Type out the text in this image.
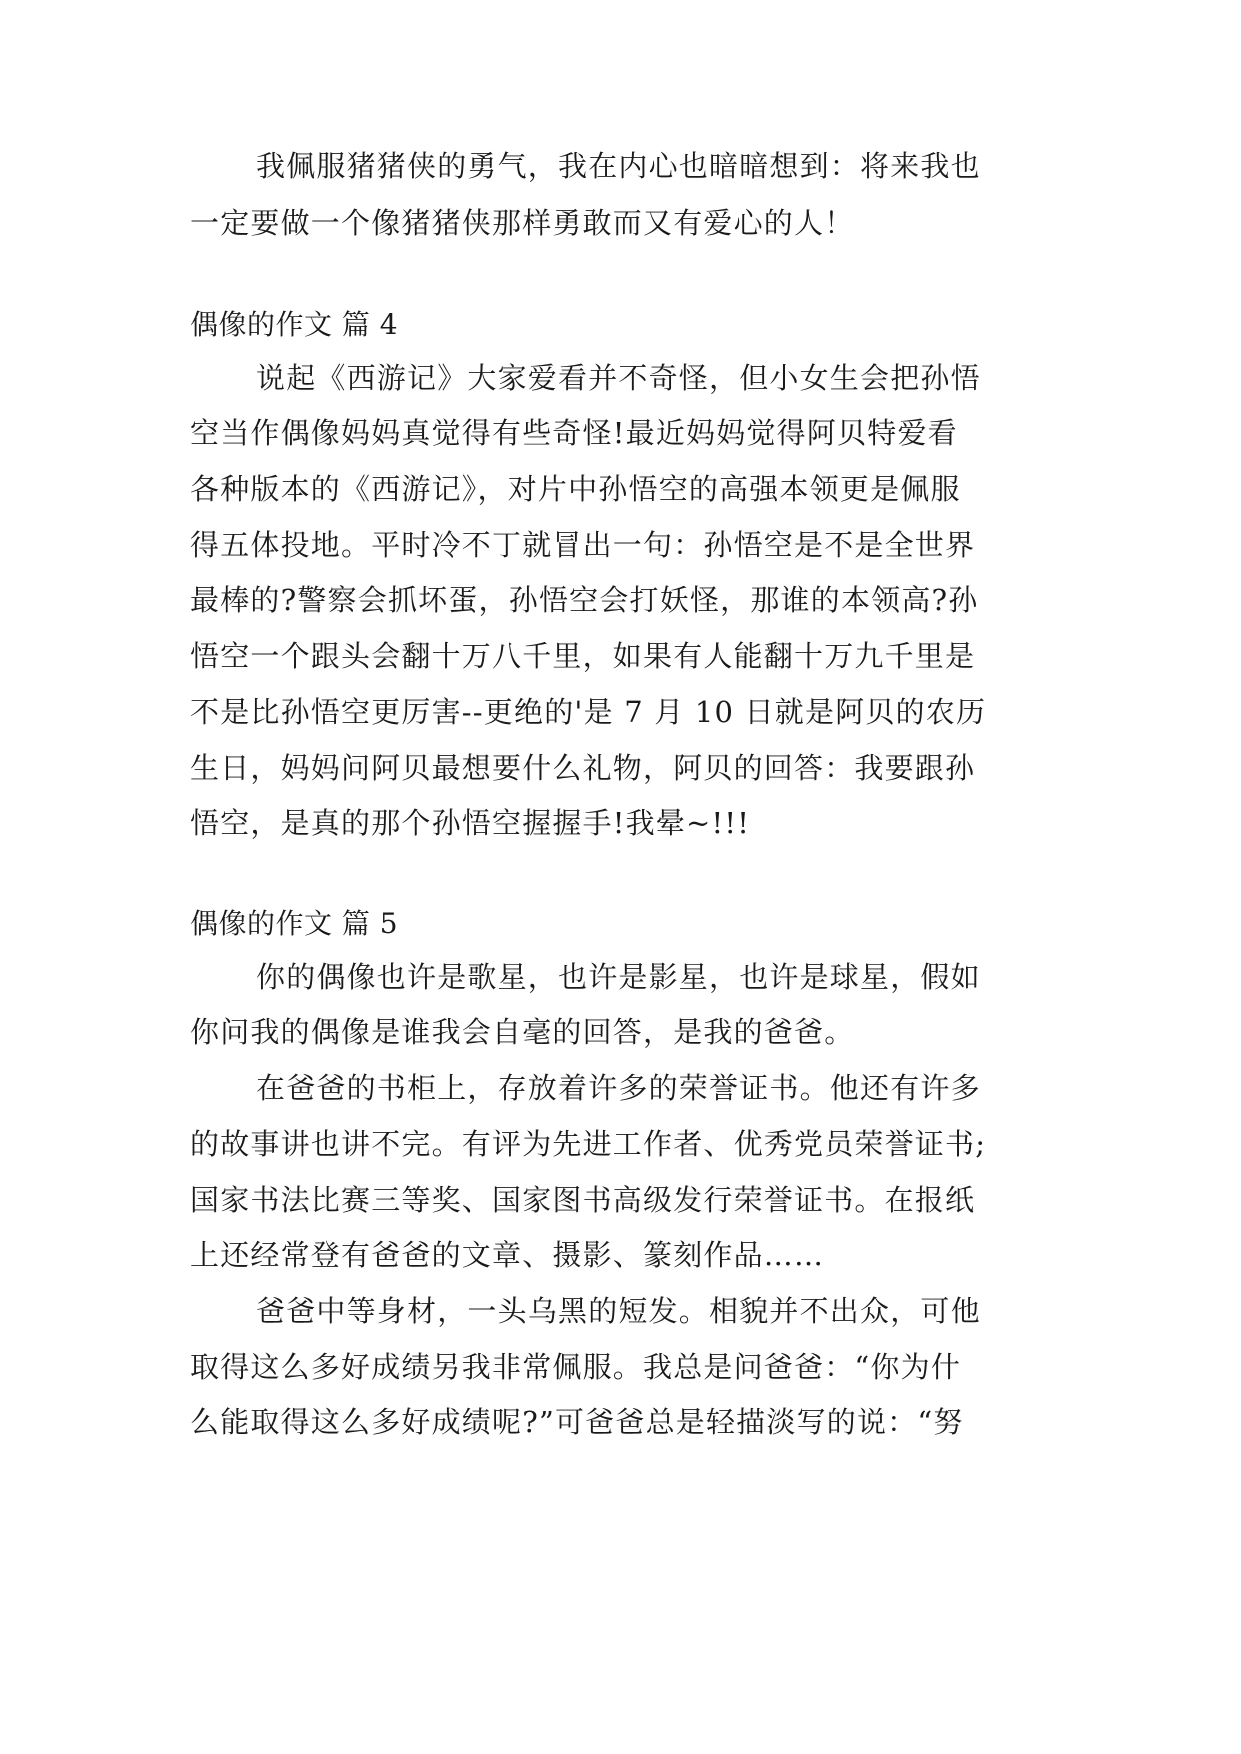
我佩服猪猪侠的勇气，我在内心也暗暗想到：将来我也
一定要做一个像猪猪侠那样勇敢而又有爱心的人！
偶像的作文 篇 4
说起《西游记》大家爱看并不奇怪，但小女生会把孙悟
空当作偶像妈妈真觉得有些奇怪!最近妈妈觉得阿贝特爱看
各种版本的《西游记》，对片中孙悟空的高强本领更是佩服
得五体投地。平时冷不丁就冒出一句：孙悟空是不是全世界
最棒的?警察会抓坏蛋，孙悟空会打妖怪，那谁的本领高?孙
悟空一个跟头会翻十万八千里，如果有人能翻十万九千里是
不是比孙悟空更厉害--更绝的'是 7 月 10 日就是阿贝的农历
生日，妈妈问阿贝最想要什么礼物，阿贝的回答：我要跟孙
悟空，是真的那个孙悟空握握手!我晕~!!!
偶像的作文 篇 5
你的偶像也许是歌星，也许是影星，也许是球星，假如
你问我的偶像是谁我会自毫的回答，是我的爸爸。
在爸爸的书柜上，存放着许多的荣誉证书。他还有许多
的故事讲也讲不完。有评为先进工作者、优秀党员荣誉证书;
国家书法比赛三等奖、国家图书高级发行荣誉证书。在报纸
上还经常登有爸爸的文章、摄影、篆刻作品……
爸爸中等身材，一头乌黑的短发。相貌并不出众，可他
取得这么多好成绩另我非常佩服。我总是问爸爸：“你为什
么能取得这么多好成绩呢?”可爸爸总是轻描淡写的说：“努
